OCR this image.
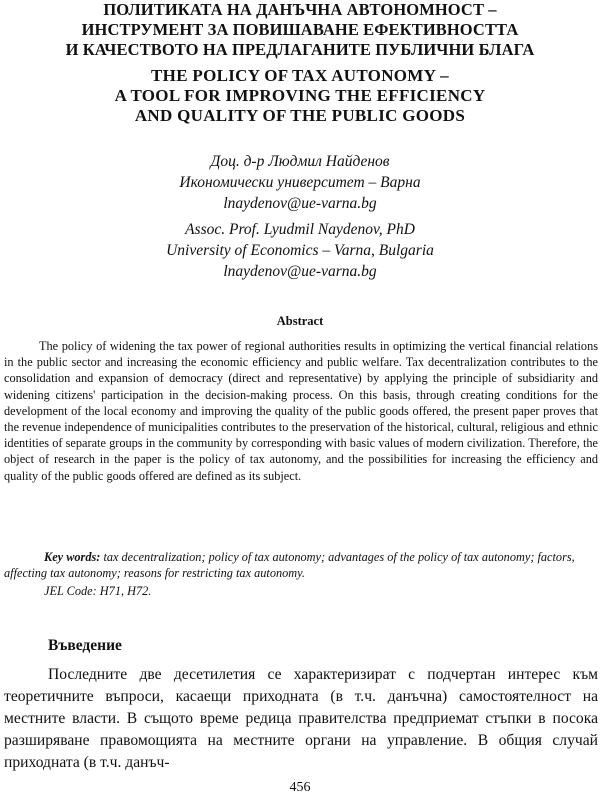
ПОЛИТИКАТА НА ДАНЪЧНА АВТОНОМНОСТ –
ИНСТРУМЕНТ ЗА ПОВИШАВАНЕ ЕФЕКТИВНОСТТА
И КАЧЕСТВОТО НА ПРЕДЛАГАНИТЕ ПУБЛИЧНИ БЛАГА
THE POLICY OF TAX AUTONOMY –
A TOOL FOR IMPROVING THE EFFICIENCY
AND QUALITY OF THE PUBLIC GOODS
Доц. д-р Людмил Найденов
Икономически университет – Варна
lnaydenov@ue-varna.bg
Assoc. Prof. Lyudmil Naydenov, PhD
University of Economics – Varna, Bulgaria
lnaydenov@ue-varna.bg
Abstract

The policy of widening the tax power of regional authorities results in optimizing the vertical financial relations in the public sector and increasing the economic efficiency and public welfare. Tax decentralization contributes to the consolidation and expansion of democracy (direct and representative) by applying the principle of subsidiarity and widening citizens' participation in the decision-making process. On this basis, through creating conditions for the development of the local economy and improving the quality of the public goods offered, the present paper proves that the revenue independence of municipalities contributes to the preservation of the historical, cultural, religious and ethnic identities of separate groups in the community by corresponding with basic values of modern civilization. Therefore, the object of research in the paper is the policy of tax autonomy, and the possibilities for increasing the efficiency and quality of the public goods offered are defined as its subject.

Key words: tax decentralization; policy of tax autonomy; advantages of the policy of tax autonomy; factors, affecting tax autonomy; reasons for restricting tax autonomy.

JEL Code: H71, H72.
Въведение

Последните две десетилетия се характеризират с подчертан интерес към теоретичните въпроси, касаещи приходната (в т.ч. данъчна) самостоятелност на местните власти. В същото време редица правителства предприемат стъпки в посока разширяване правомощията на местните органи на управление. В общия случай приходната (в т.ч. данъч-

456
